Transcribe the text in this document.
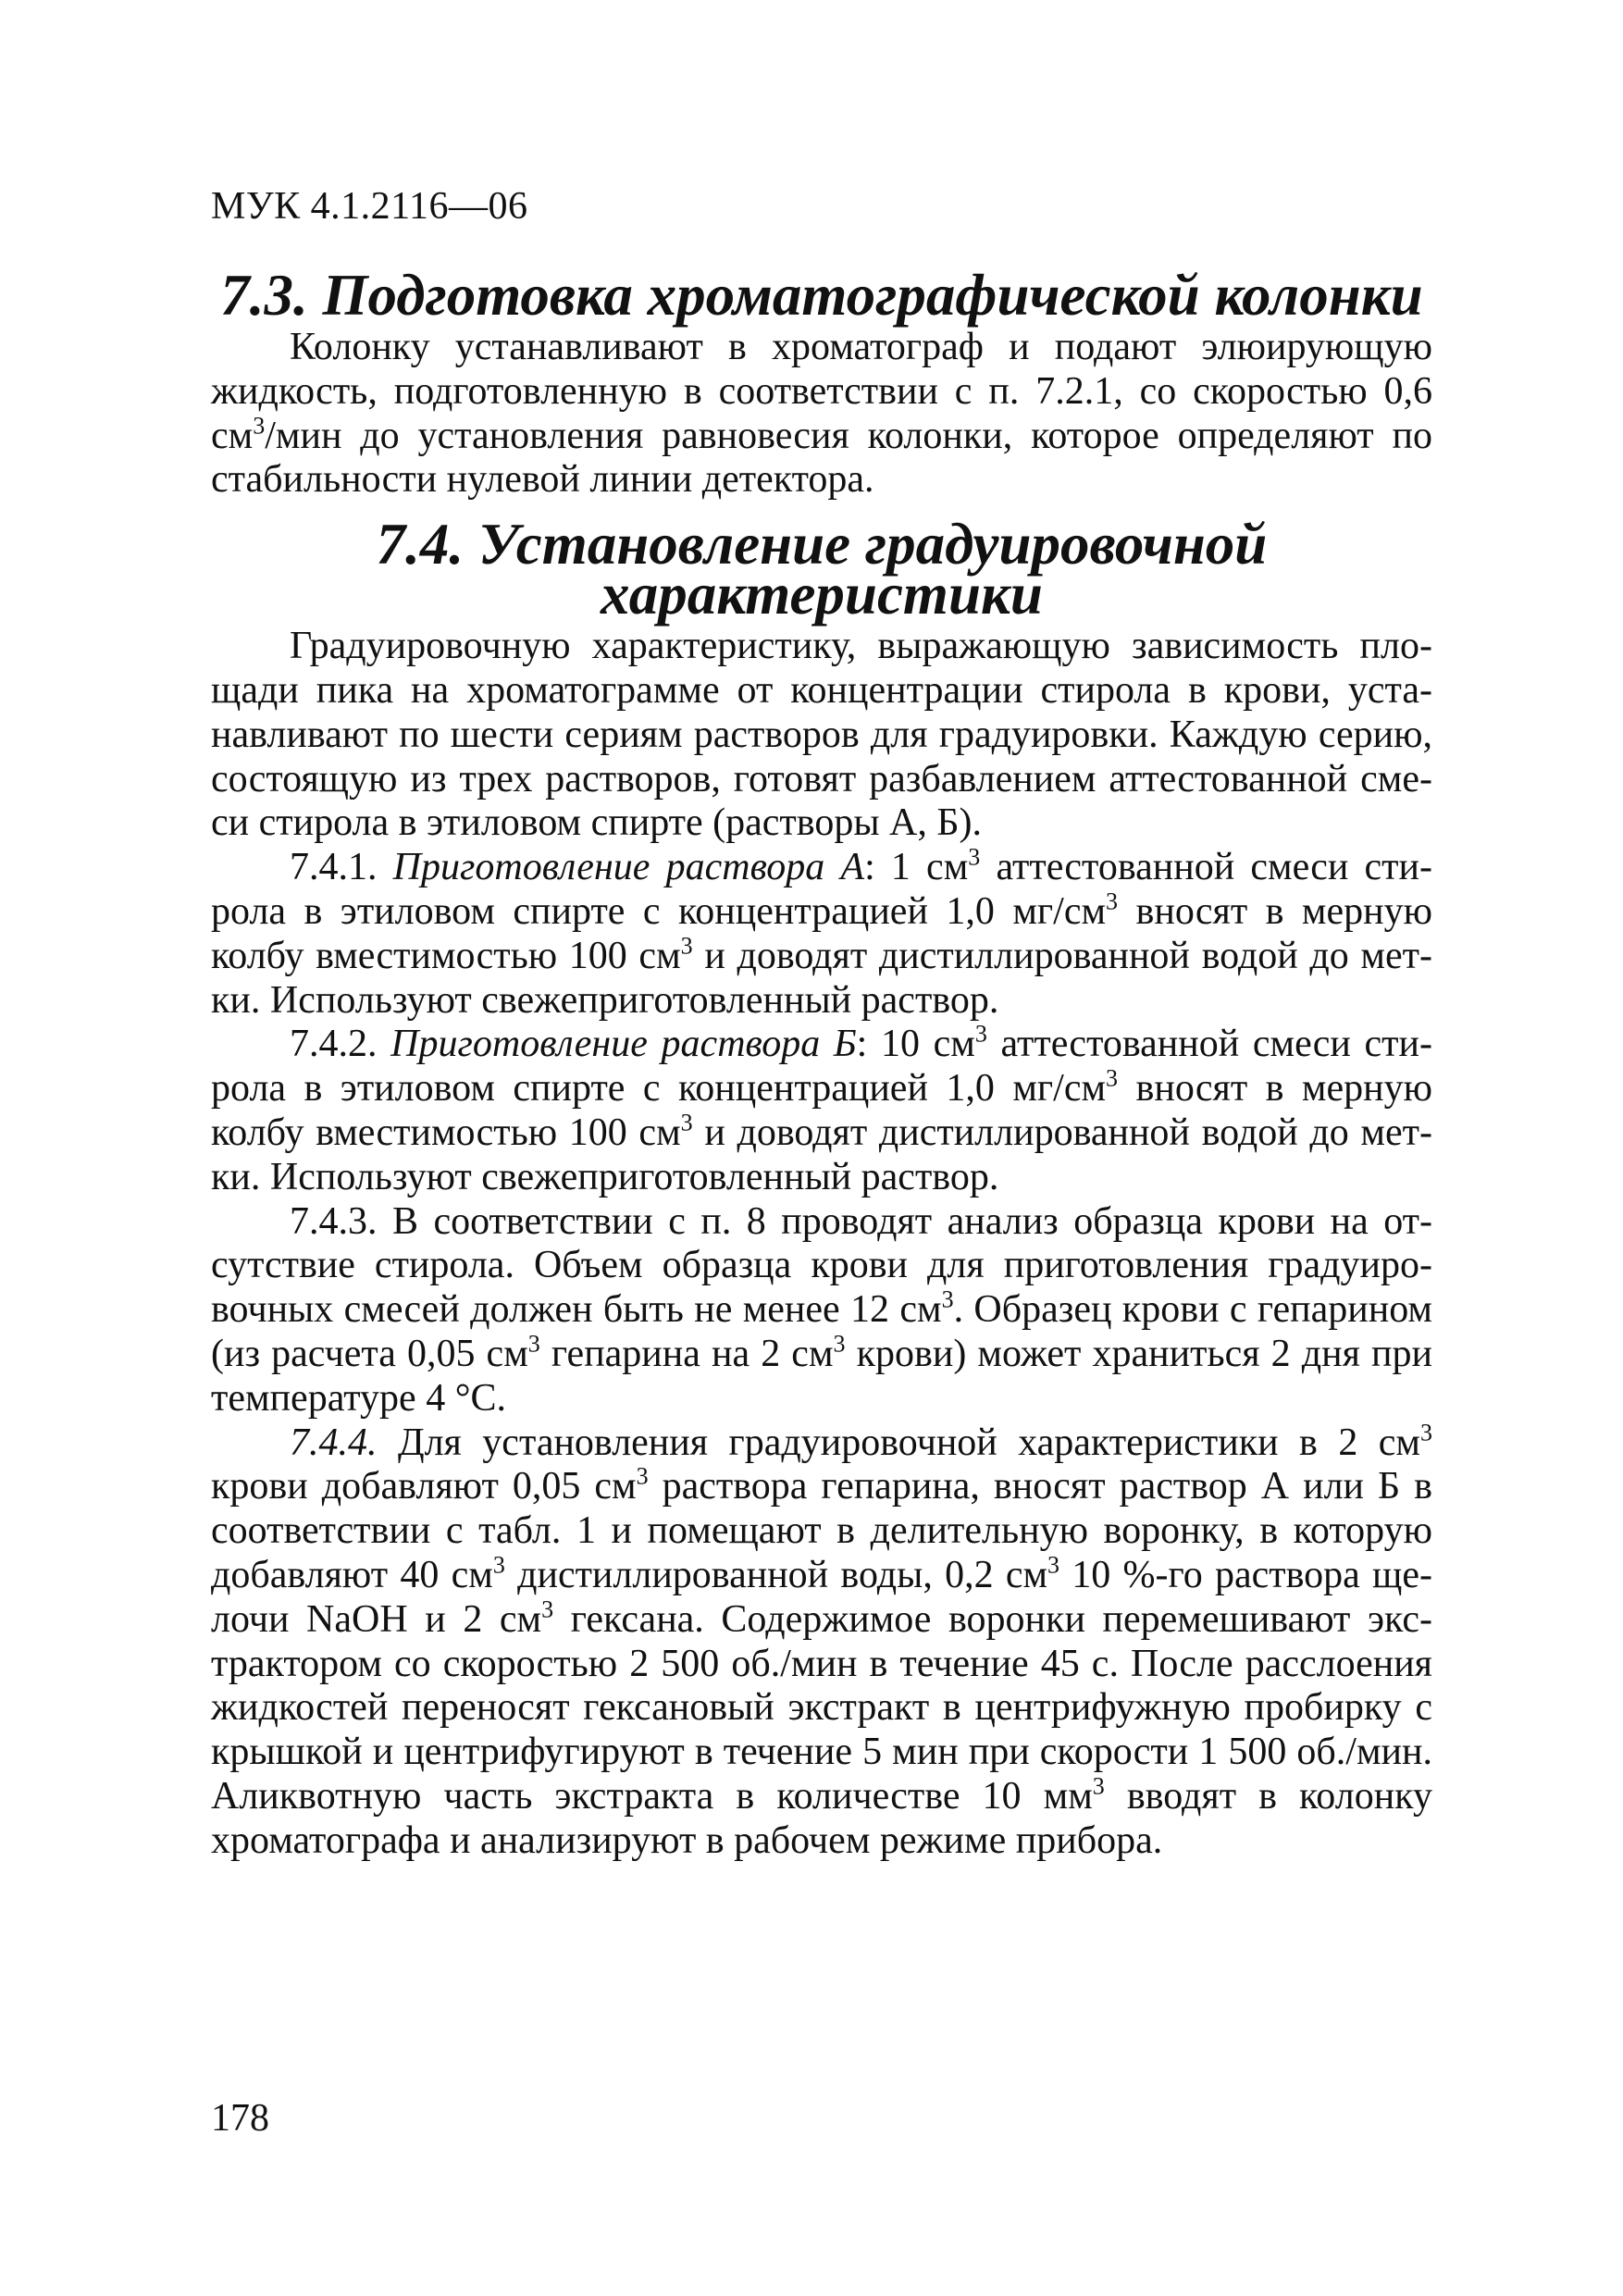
МУК 4.1.2116—06
7.3. Подготовка хроматографической колонки

Колонку устанавливают в хроматограф и подают элюирующую жидкость, подготовленную в соответствии с п. 7.2.1, со скоростью 0,6 $см^3$/мин до установления равновесия колонки, которое определяют по стабильности нулевой линии детектора.

7.4. Установление градуировочной характеристики

Градуировочную характеристику, выражающую зависимость площади пика на хроматограмме от концентрации стирола в крови, устанавливают по шести сериям растворов для градуировки. Каждую серию, состоящую из трех растворов, готовят разбавлением аттестованной смеси стирола в этиловом спирте (растворы А, Б).

7.4.1. Приготовление раствора А: 1 $см^3$ аттестованной смеси стирола в этиловом спирте с концентрацией 1,0 $мг/см^3$ вносят в мерную колбу вместимостью 100 $см^3$ и доводят дистиллированной водой до метки. Используют свежеприготовленный раствор.

7.4.2. Приготовление раствора Б: 10 $см^3$ аттестованной смеси стирола в этиловом спирте с концентрацией 1,0 $мг/см^3$ вносят в мерную колбу вместимостью 100 $см^3$ и доводят дистиллированной водой до метки. Используют свежеприготовленный раствор.

7.4.3. В соответствии с п. 8 проводят анализ образца крови на отсутствие стирола. Объем образца крови для приготовления градуировочных смесей должен быть не менее 12 $см^3$. Образец крови с гепарином (из расчета 0,05 $см^3$ гепарина на 2 $см^3$ крови) может храниться 2 дня при температуре 4 °С.

7.4.4. Для установления градуировочной характеристики в 2 $см^3$ крови добавляют 0,05 $см^3$ раствора гепарина, вносят раствор А или Б в соответствии с табл. 1 и помещают в делительную воронку, в которую добавляют 40 $см^3$ дистиллированной воды, 0,2 $см^3$ 10 %-го раствора щелочи NaOH и 2 $см^3$ гексана. Содержимое воронки перемешивают экстрактором со скоростью 2 500 об./мин в течение 45 с. После расслоения жидкостей переносят гексановый экстракт в центрифужную пробирку с крышкой и центрифугируют в течение 5 мин при скорости 1 500 об./мин. Аликвотную часть экстракта в количестве 10 $мм^3$ вводят в колонку хроматографа и анализируют в рабочем режиме прибора.

178
